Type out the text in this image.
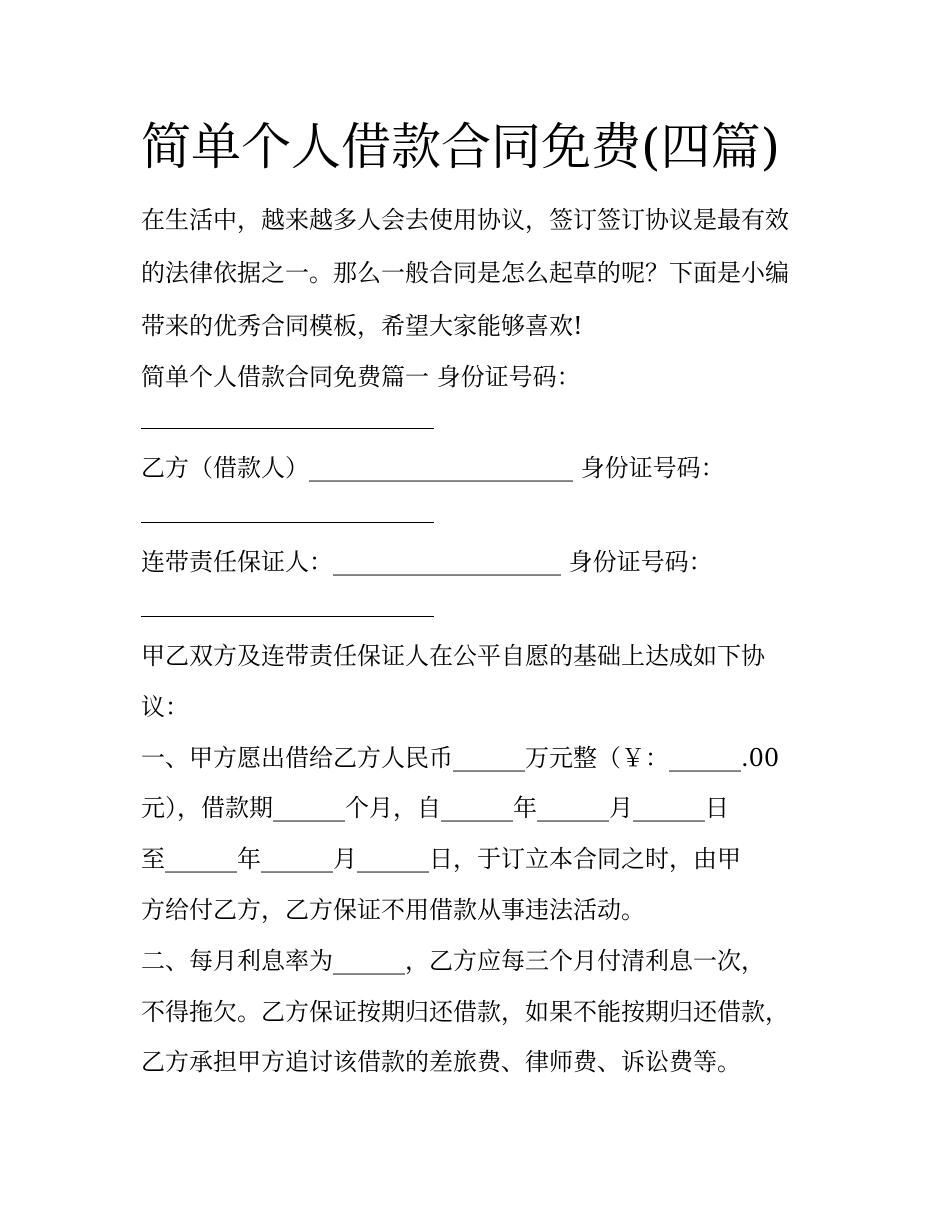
简单个人借款合同免费(四篇)

在生活中，越来越多人会去使用协议，签订签订协议是最有效

的法律依据之一。那么一般合同是怎么起草的呢？下面是小编

带来的优秀合同模板，希望大家能够喜欢!

简单个人借款合同免费篇一 身份证号码：

乙方（借款人）______________________ 身份证号码：

连带责任保证人：___________________ 身份证号码：

甲乙双方及连带责任保证人在公平自愿的基础上达成如下协

议：

一、甲方愿出借给乙方人民币______万元整（￥：______.00

元），借款期______个月，自______年______月______日

至______年______月______日，于订立本合同之时，由甲

方给付乙方，乙方保证不用借款从事违法活动。

二、每月利息率为______，乙方应每三个月付清利息一次，

不得拖欠。乙方保证按期归还借款，如果不能按期归还借款，

乙方承担甲方追讨该借款的差旅费、律师费、诉讼费等。
